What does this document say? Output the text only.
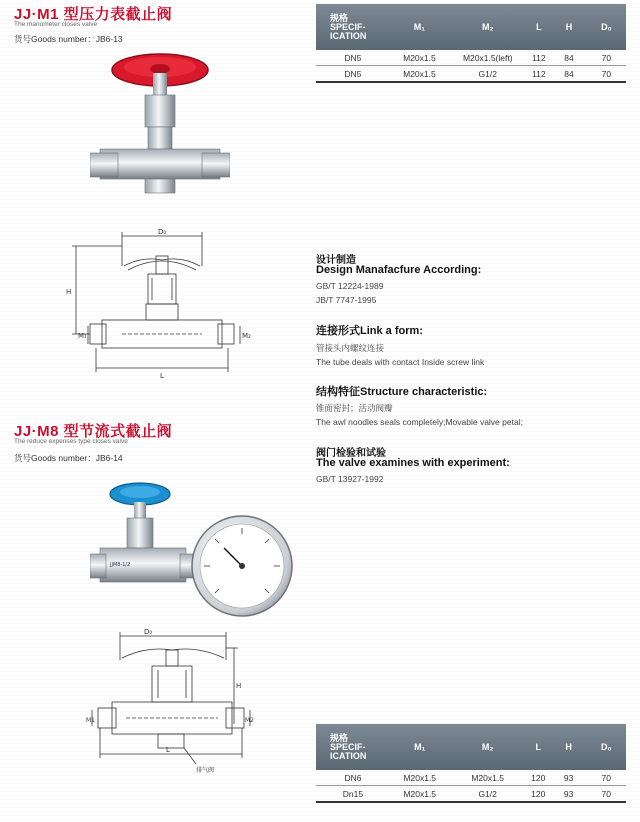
JJ·M1 型压力表截止阀
The manometer closes valve
货号Goods number：JB6-13
规格
SPECIF-
ICATION	M₁	M₂	L	H	D₀
DN5	M20x1.5	M20x1.5(left)	112	84	70
DN5	M20x1.5	G1/2	112	84	70
D₀
H
M₁	M₂
L
设计制造
Design Manafacfure According:
GB/T 12224-1989
JB/T 7747-1995
连接形式Link a form:
管接头内螺纹连接
The tube deals with contact Inside screw link
结构特征Structure characteristic:
锥面密封；活动阀瓣
The awl noodles seals completely;Movable valve petal;
阀门检验和试验
The valve examines with experiment:
GB/T 13927-1992
JJ·M8 型节流式截止阀
The reduce expenses type closes valve
货号Goods number：JB6-14
JJM8-1/2
D₀
H
M1	M2
L
排气阀
规格
SPECIF-
ICATION	M₁	M₂	L	H	D₀
DN6	M20x1.5	M20x1.5	120	93	70
Dn15	M20x1.5	G1/2	120	93	70
